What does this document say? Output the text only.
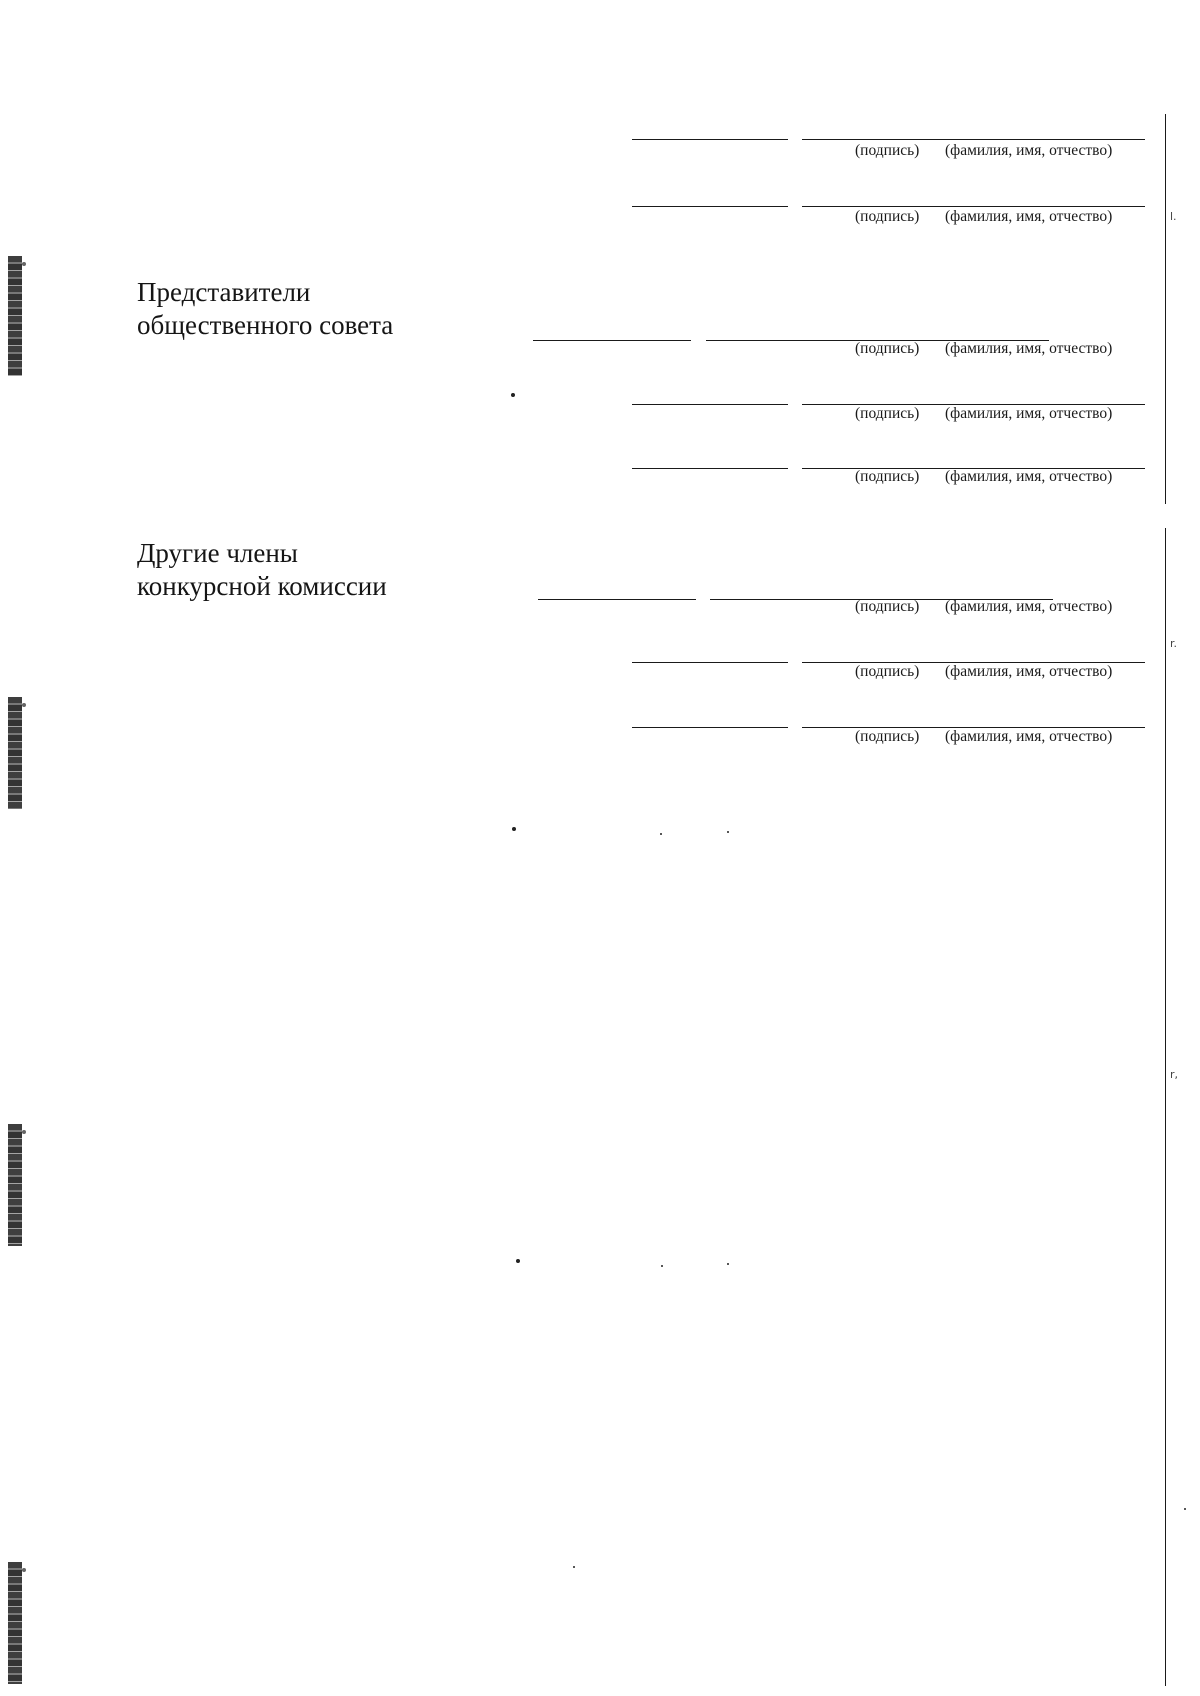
l.
r.
r,
(подпись) (фамилия, имя, отчество)
(подпись) (фамилия, имя, отчество)
Представители
общественного совета
(подпись) (фамилия, имя, отчество)
(подпись) (фамилия, имя, отчество)
(подпись) (фамилия, имя, отчество)
Другие члены
конкурсной комиссии
(подпись) (фамилия, имя, отчество)
(подпись) (фамилия, имя, отчество)
(подпись) (фамилия, имя, отчество)
